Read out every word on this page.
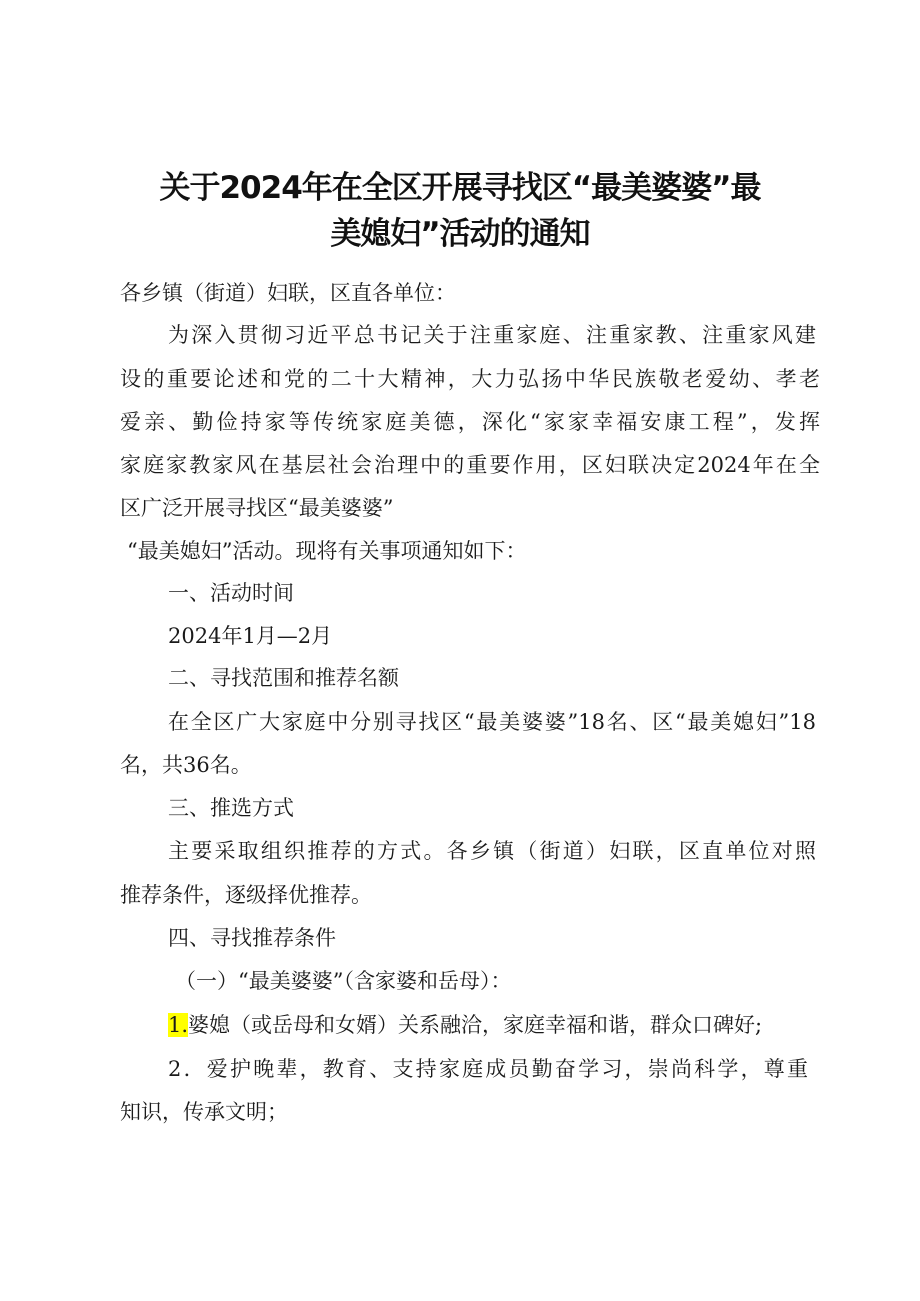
关于2024年在全区开展寻找区“最美婆婆”最
美媳妇”活动的通知
各乡镇（街道）妇联，区直各单位：
为深入贯彻习近平总书记关于注重家庭、注重家教、注重家风建
设的重要论述和党的二十大精神，大力弘扬中华民族敬老爱幼、孝老
爱亲、勤俭持家等传统家庭美德，深化“家家幸福安康工程”，发挥
家庭家教家风在基层社会治理中的重要作用，区妇联决定2024年在全
区广泛开展寻找区“最美婆婆”
“最美媳妇”活动。现将有关事项通知如下：
一、活动时间
2024年1月—2月
二、寻找范围和推荐名额
在全区广大家庭中分别寻找区“最美婆婆”18名、区“最美媳妇”18
名，共36名。
三、推选方式
主要采取组织推荐的方式。各乡镇（街道）妇联，区直单位对照
推荐条件，逐级择优推荐。
四、寻找推荐条件
（一）“最美婆婆”（含家婆和岳母）：
1.婆媳（或岳母和女婿）关系融洽，家庭幸福和谐，群众口碑好;
2．爱护晚辈，教育、支持家庭成员勤奋学习，崇尚科学，尊重
知识，传承文明；
